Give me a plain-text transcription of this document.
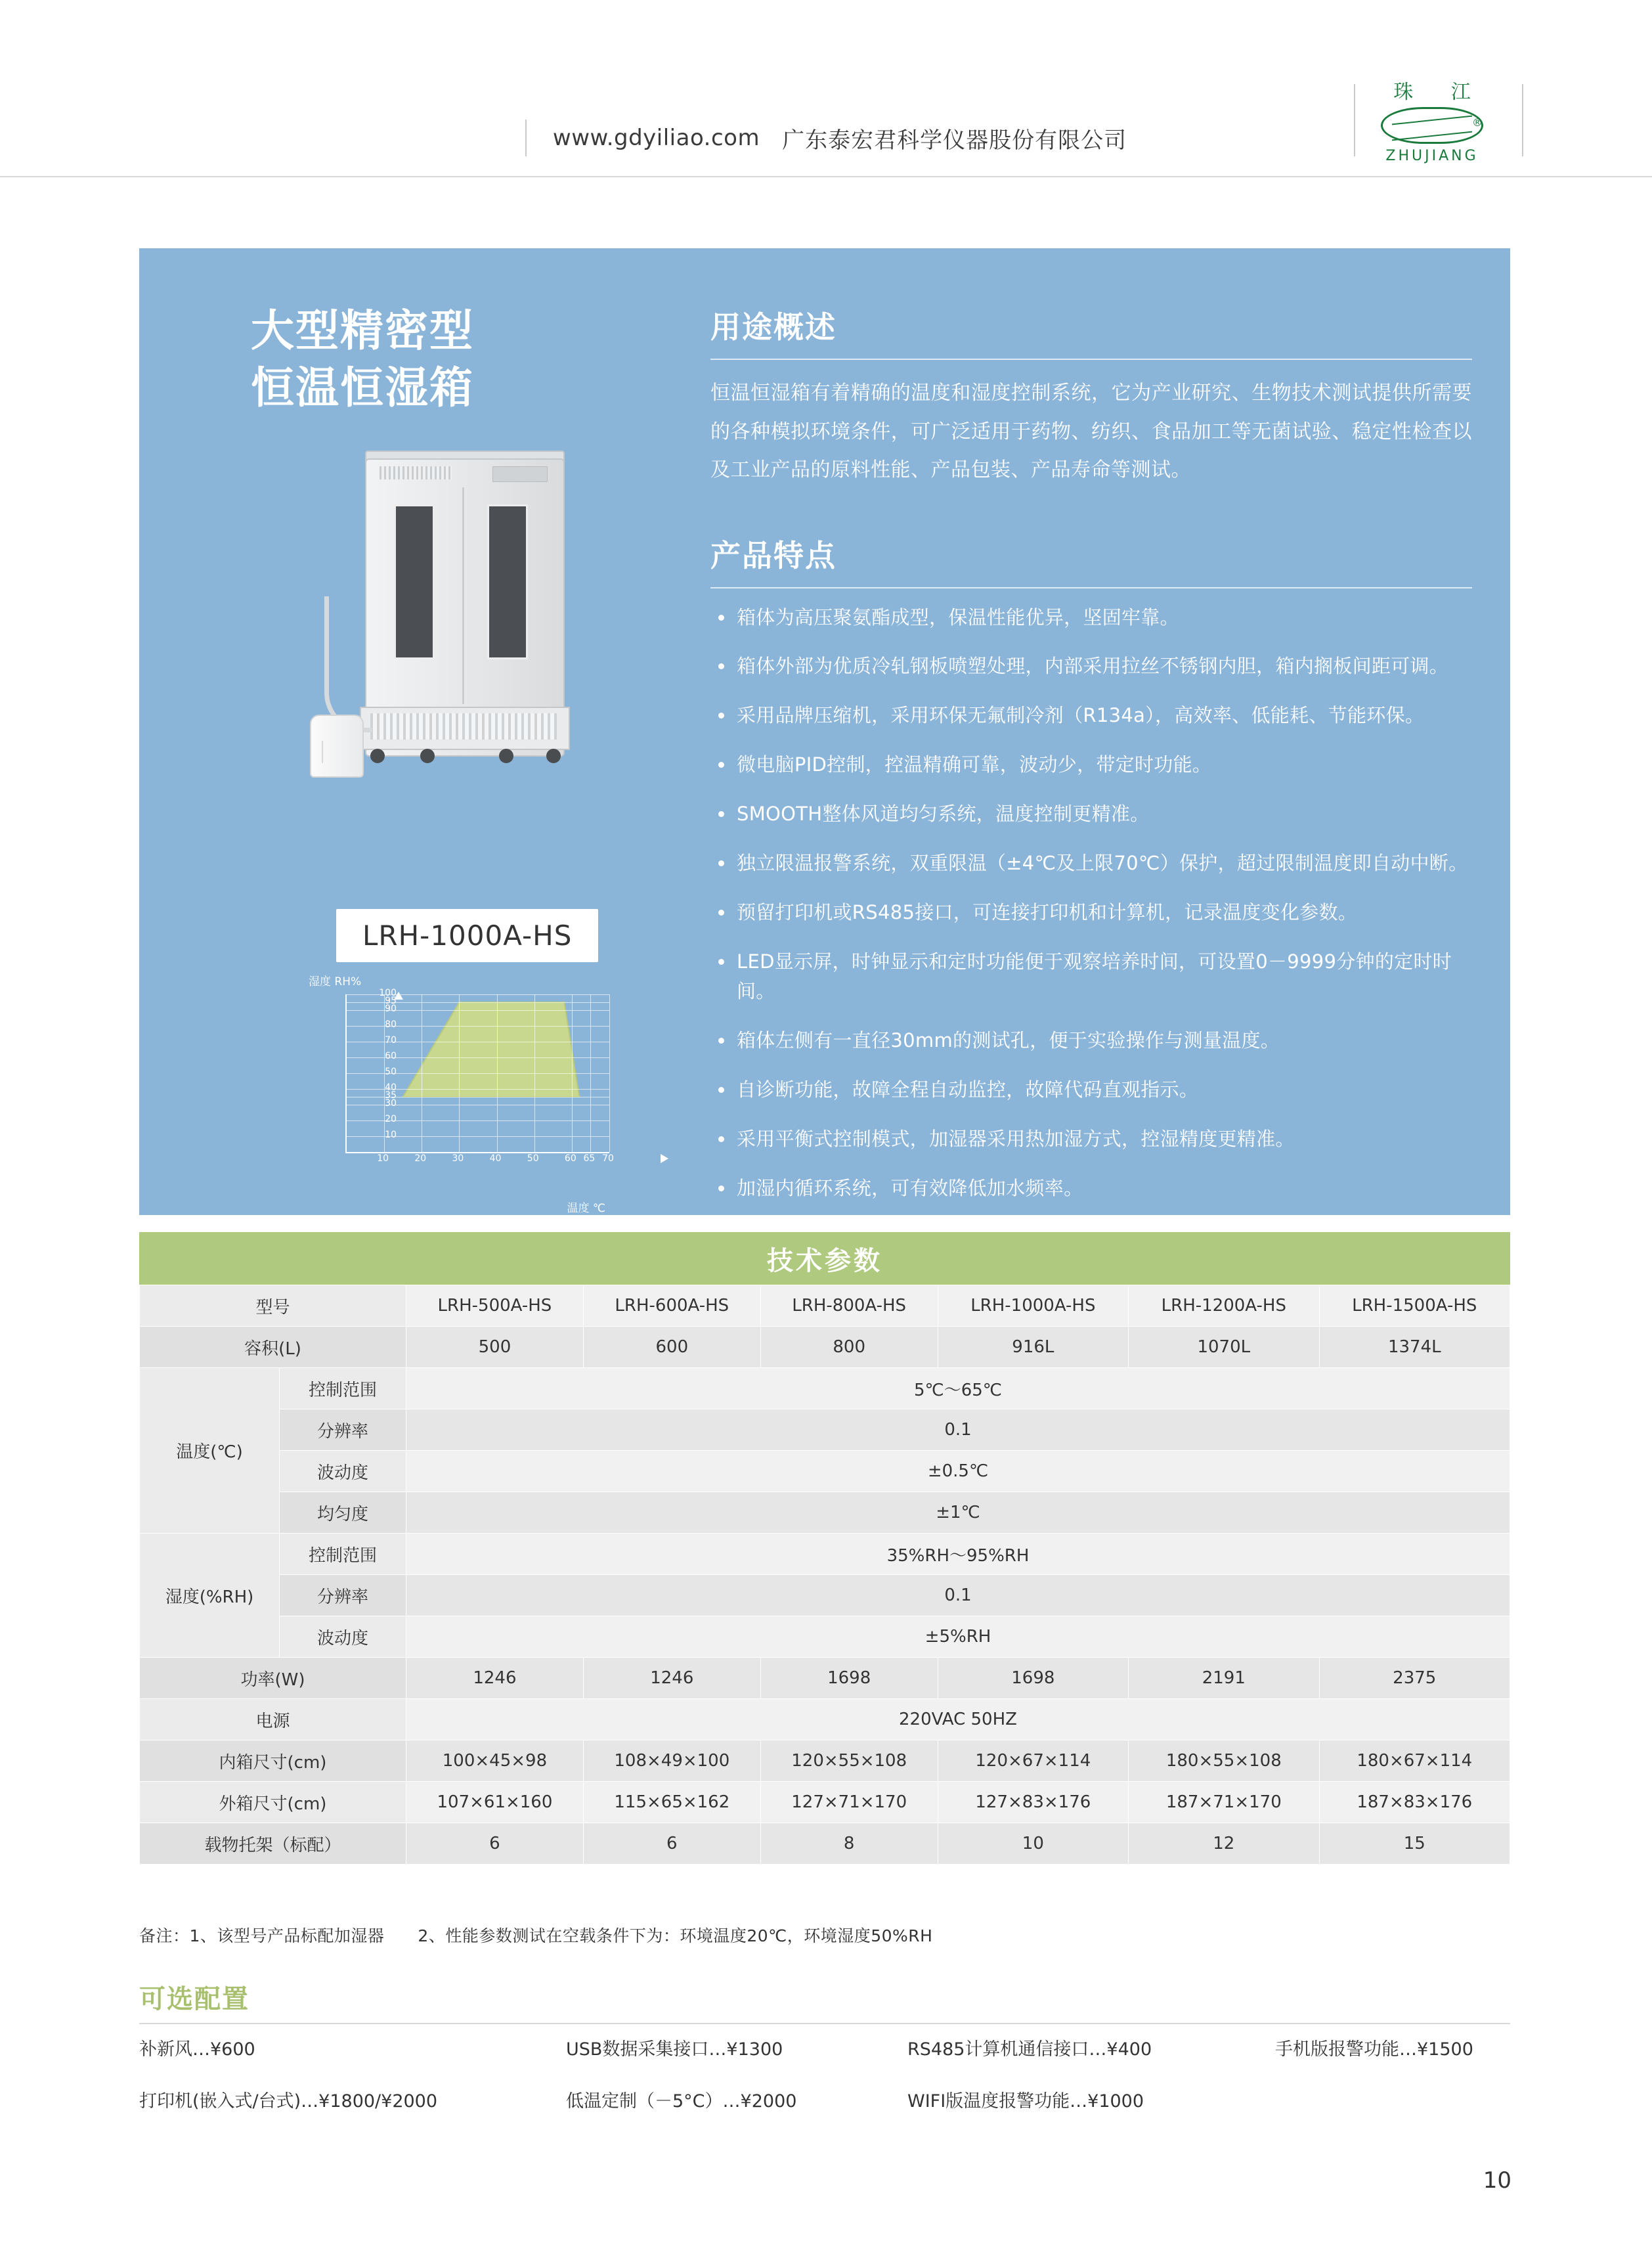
www.gdyiliao.com 广东泰宏君科学仪器股份有限公司
珠 江
®
ZHUJIANG
大型精密型
恒温恒湿箱
LRH-1000A-HS
湿度 RH%
温度 ℃
100
95
90
80
70
60
50
40
35
30
20
10
10	20	30	40	50	60 65 70
用途概述
恒温恒湿箱有着精确的温度和湿度控制系统，它为产业研究、生物技术测试提供所需要的各种模拟环境条件，可广泛适用于药物、纺织、食品加工等无菌试验、稳定性检查以及工业产品的原料性能、产品包装、产品寿命等测试。
产品特点
箱体为高压聚氨酯成型，保温性能优异，坚固牢靠。
箱体外部为优质冷轧钢板喷塑处理，内部采用拉丝不锈钢内胆，箱内搁板间距可调。
采用品牌压缩机，采用环保无氟制冷剂（R134a），高效率、低能耗、节能环保。
微电脑PID控制，控温精确可靠，波动少，带定时功能。
SMOOTH整体风道均匀系统，温度控制更精准。
独立限温报警系统，双重限温（±4℃及上限70℃）保护，超过限制温度即自动中断。
预留打印机或RS485接口，可连接打印机和计算机，记录温度变化参数。
LED显示屏，时钟显示和定时功能便于观察培养时间，可设置0－9999分钟的定时时间。
箱体左侧有一直径30mm的测试孔，便于实验操作与测量温度。
自诊断功能，故障全程自动监控，故障代码直观指示。
采用平衡式控制模式，加湿器采用热加湿方式，控湿精度更精准。
加湿内循环系统，可有效降低加水频率。
技术参数
型号		LRH-500A-HS	LRH-600A-HS	LRH-800A-HS	LRH-1000A-HS	LRH-1200A-HS	LRH-1500A-HS
容积(L)		500	600	800	916L	1070L	1374L
温度(℃)	控制范围	5℃～65℃					
	分辨率	0.1					
	波动度	±0.5℃					
	均匀度	±1℃					
湿度(%RH)	控制范围	35%RH～95%RH					
	分辨率	0.1					
	波动度	±5%RH					
功率(W)		1246	1246	1698	1698	2191	2375
电源		220VAC 50HZ					
内箱尺寸(cm)		100×45×98	108×49×100	120×55×108	120×67×114	180×55×108	180×67×114
外箱尺寸(cm)		107×61×160	115×65×162	127×71×170	127×83×176	187×71×170	187×83×176
载物托架（标配）		6	6	8	10	12	15
备注：1、该型号产品标配加湿器　　2、性能参数测试在空载条件下为：环境温度20℃，环境湿度50%RH
可选配置
补新风…¥600	USB数据采集接口…¥1300	RS485计算机通信接口…¥400	手机版报警功能…¥1500
打印机(嵌入式/台式)…¥1800/¥2000	低温定制（－5°C）…¥2000	WIFI版温度报警功能…¥1000
10
